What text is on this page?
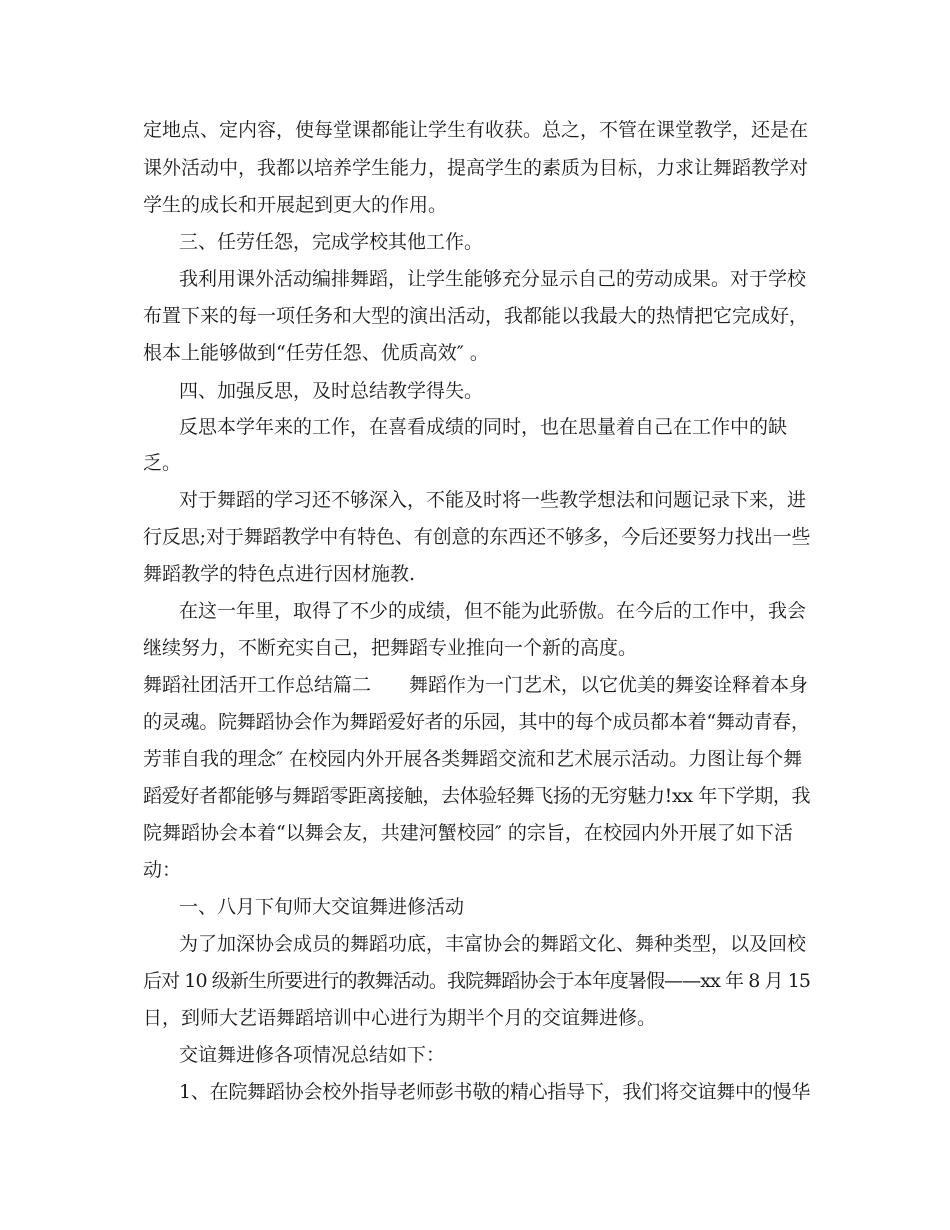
定地点、定内容，使每堂课都能让学生有收获。总之，不管在课堂教学，还是在

课外活动中，我都以培养学生能力，提高学生的素质为目标，力求让舞蹈教学对

学生的成长和开展起到更大的作用。

三、任劳任怨，完成学校其他工作。

我利用课外活动编排舞蹈，让学生能够充分显示自己的劳动成果。对于学校

布置下来的每一项任务和大型的演出活动，我都能以我最大的热情把它完成好，

根本上能够做到“任劳任怨、优质高效″ 。

四、加强反思，及时总结教学得失。

反思本学年来的工作，在喜看成绩的同时，也在思量着自己在工作中的缺

乏。

对于舞蹈的学习还不够深入，不能及时将一些教学想法和问题记录下来，进

行反思;对于舞蹈教学中有特色、有创意的东西还不够多，今后还要努力找出一些

舞蹈教学的特色点进行因材施教.

在这一年里，取得了不少的成绩，但不能为此骄傲。在今后的工作中，我会

继续努力，不断充实自己，把舞蹈专业推向一个新的高度。

舞蹈社团活开工作总结篇二　　舞蹈作为一门艺术，以它优美的舞姿诠释着本身

的灵魂。院舞蹈协会作为舞蹈爱好者的乐园，其中的每个成员都本着“舞动青春，

芳菲自我的理念″ 在校园内外开展各类舞蹈交流和艺术展示活动。力图让每个舞

蹈爱好者都能够与舞蹈零距离接触，去体验轻舞飞扬的无穷魅力!xx 年下学期，我

院舞蹈协会本着“以舞会友，共建河蟹校园″ 的宗旨，在校园内外开展了如下活

动：

一、八月下旬师大交谊舞进修活动

为了加深协会成员的舞蹈功底，丰富协会的舞蹈文化、舞种类型，以及回校

后对 10 级新生所要进行的教舞活动。我院舞蹈协会于本年度暑假——xx 年 8 月 15

日，到师大艺语舞蹈培训中心进行为期半个月的交谊舞进修。

交谊舞进修各项情况总结如下：

1、在院舞蹈协会校外指导老师彭书敬的精心指导下，我们将交谊舞中的慢华
